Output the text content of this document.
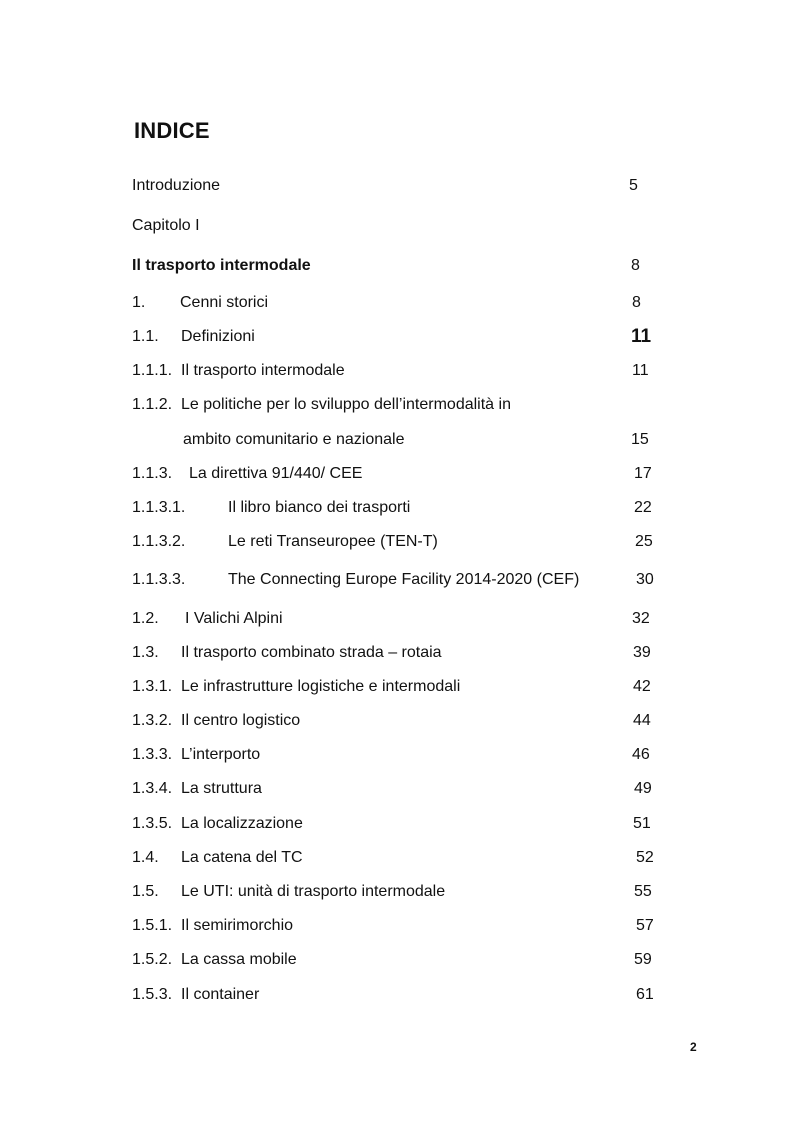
INDICE
Introduzione	5
Capitolo I
Il trasporto intermodale	8
1. Cenni storici	8
1.1. Definizioni	11
1.1.1. Il trasporto intermodale	11
1.1.2. Le politiche per lo sviluppo dell’intermodalità in
ambito comunitario e nazionale	15
1.1.3. La direttiva 91/440/ CEE	17
1.1.3.1.	Il libro bianco dei trasporti	22
1.1.3.2.	Le reti Transeuropee (TEN-T)	25
1.1.3.3.	The Connecting Europe Facility 2014-2020 (CEF)	30
1.2. I Valichi Alpini	32
1.3. Il trasporto combinato strada – rotaia	39
1.3.1. Le infrastrutture logistiche e intermodali	42
1.3.2. Il centro logistico	44
1.3.3. L’interporto	46
1.3.4. La struttura	49
1.3.5. La localizzazione	51
1.4. La catena del TC	52
1.5. Le UTI: unità di trasporto intermodale	55
1.5.1. Il semirimorchio	57
1.5.2. La cassa mobile	59
1.5.3. Il container	61
2
